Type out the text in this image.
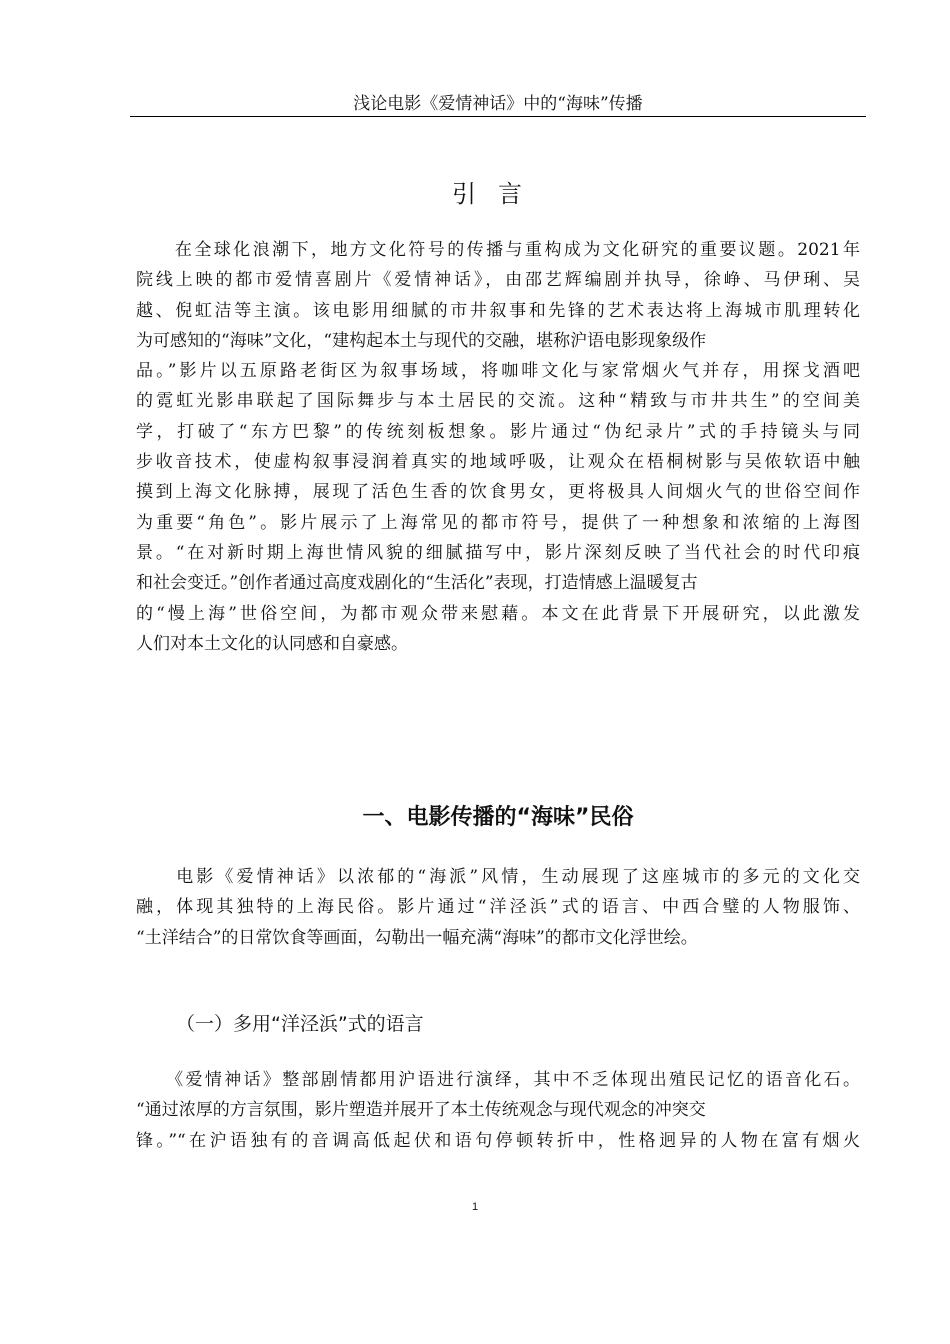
浅论电影《爱情神话》中的“海味”传播
引言
　　在全球化浪潮下，地方文化符号的传播与重构成为文化研究的重要议题。2021年
院线上映的都市爱情喜剧片《爱情神话》，由邵艺辉编剧并执导，徐峥、马伊琍、吴
越、倪虹洁等主演。该电影用细腻的市井叙事和先锋的艺术表达将上海城市肌理转化
为可感知的“海味”文化，“建构起本土与现代的交融，堪称沪语电影现象级作
品。”影片以五原路老街区为叙事场域，将咖啡文化与家常烟火气并存，用探戈酒吧
的霓虹光影串联起了国际舞步与本土居民的交流。这种“精致与市井共生”的空间美
学，打破了“东方巴黎”的传统刻板想象。影片通过“伪纪录片”式的手持镜头与同
步收音技术，使虚构叙事浸润着真实的地域呼吸，让观众在梧桐树影与吴侬软语中触
摸到上海文化脉搏，展现了活色生香的饮食男女，更将极具人间烟火气的世俗空间作
为重要“角色”。影片展示了上海常见的都市符号，提供了一种想象和浓缩的上海图
景。“在对新时期上海世情风貌的细腻描写中，影片深刻反映了当代社会的时代印痕
和社会变迁。”创作者通过高度戏剧化的“生活化”表现，打造情感上温暖复古
的“慢上海”世俗空间，为都市观众带来慰藉。本文在此背景下开展研究，以此激发
人们对本土文化的认同感和自豪感。
一、电影传播的“海味”民俗
　　电影《爱情神话》以浓郁的“海派”风情，生动展现了这座城市的多元的文化交
融，体现其独特的上海民俗。影片通过“洋泾浜”式的语言、中西合璧的人物服饰、
“土洋结合”的日常饮食等画面，勾勒出一幅充满“海味”的都市文化浮世绘。
（一）多用“洋泾浜”式的语言
　　《爱情神话》整部剧情都用沪语进行演绎，其中不乏体现出殖民记忆的语音化石。
“通过浓厚的方言氛围，影片塑造并展开了本土传统观念与现代观念的冲突交
锋。”“在沪语独有的音调高低起伏和语句停顿转折中，性格迥异的人物在富有烟火
1
